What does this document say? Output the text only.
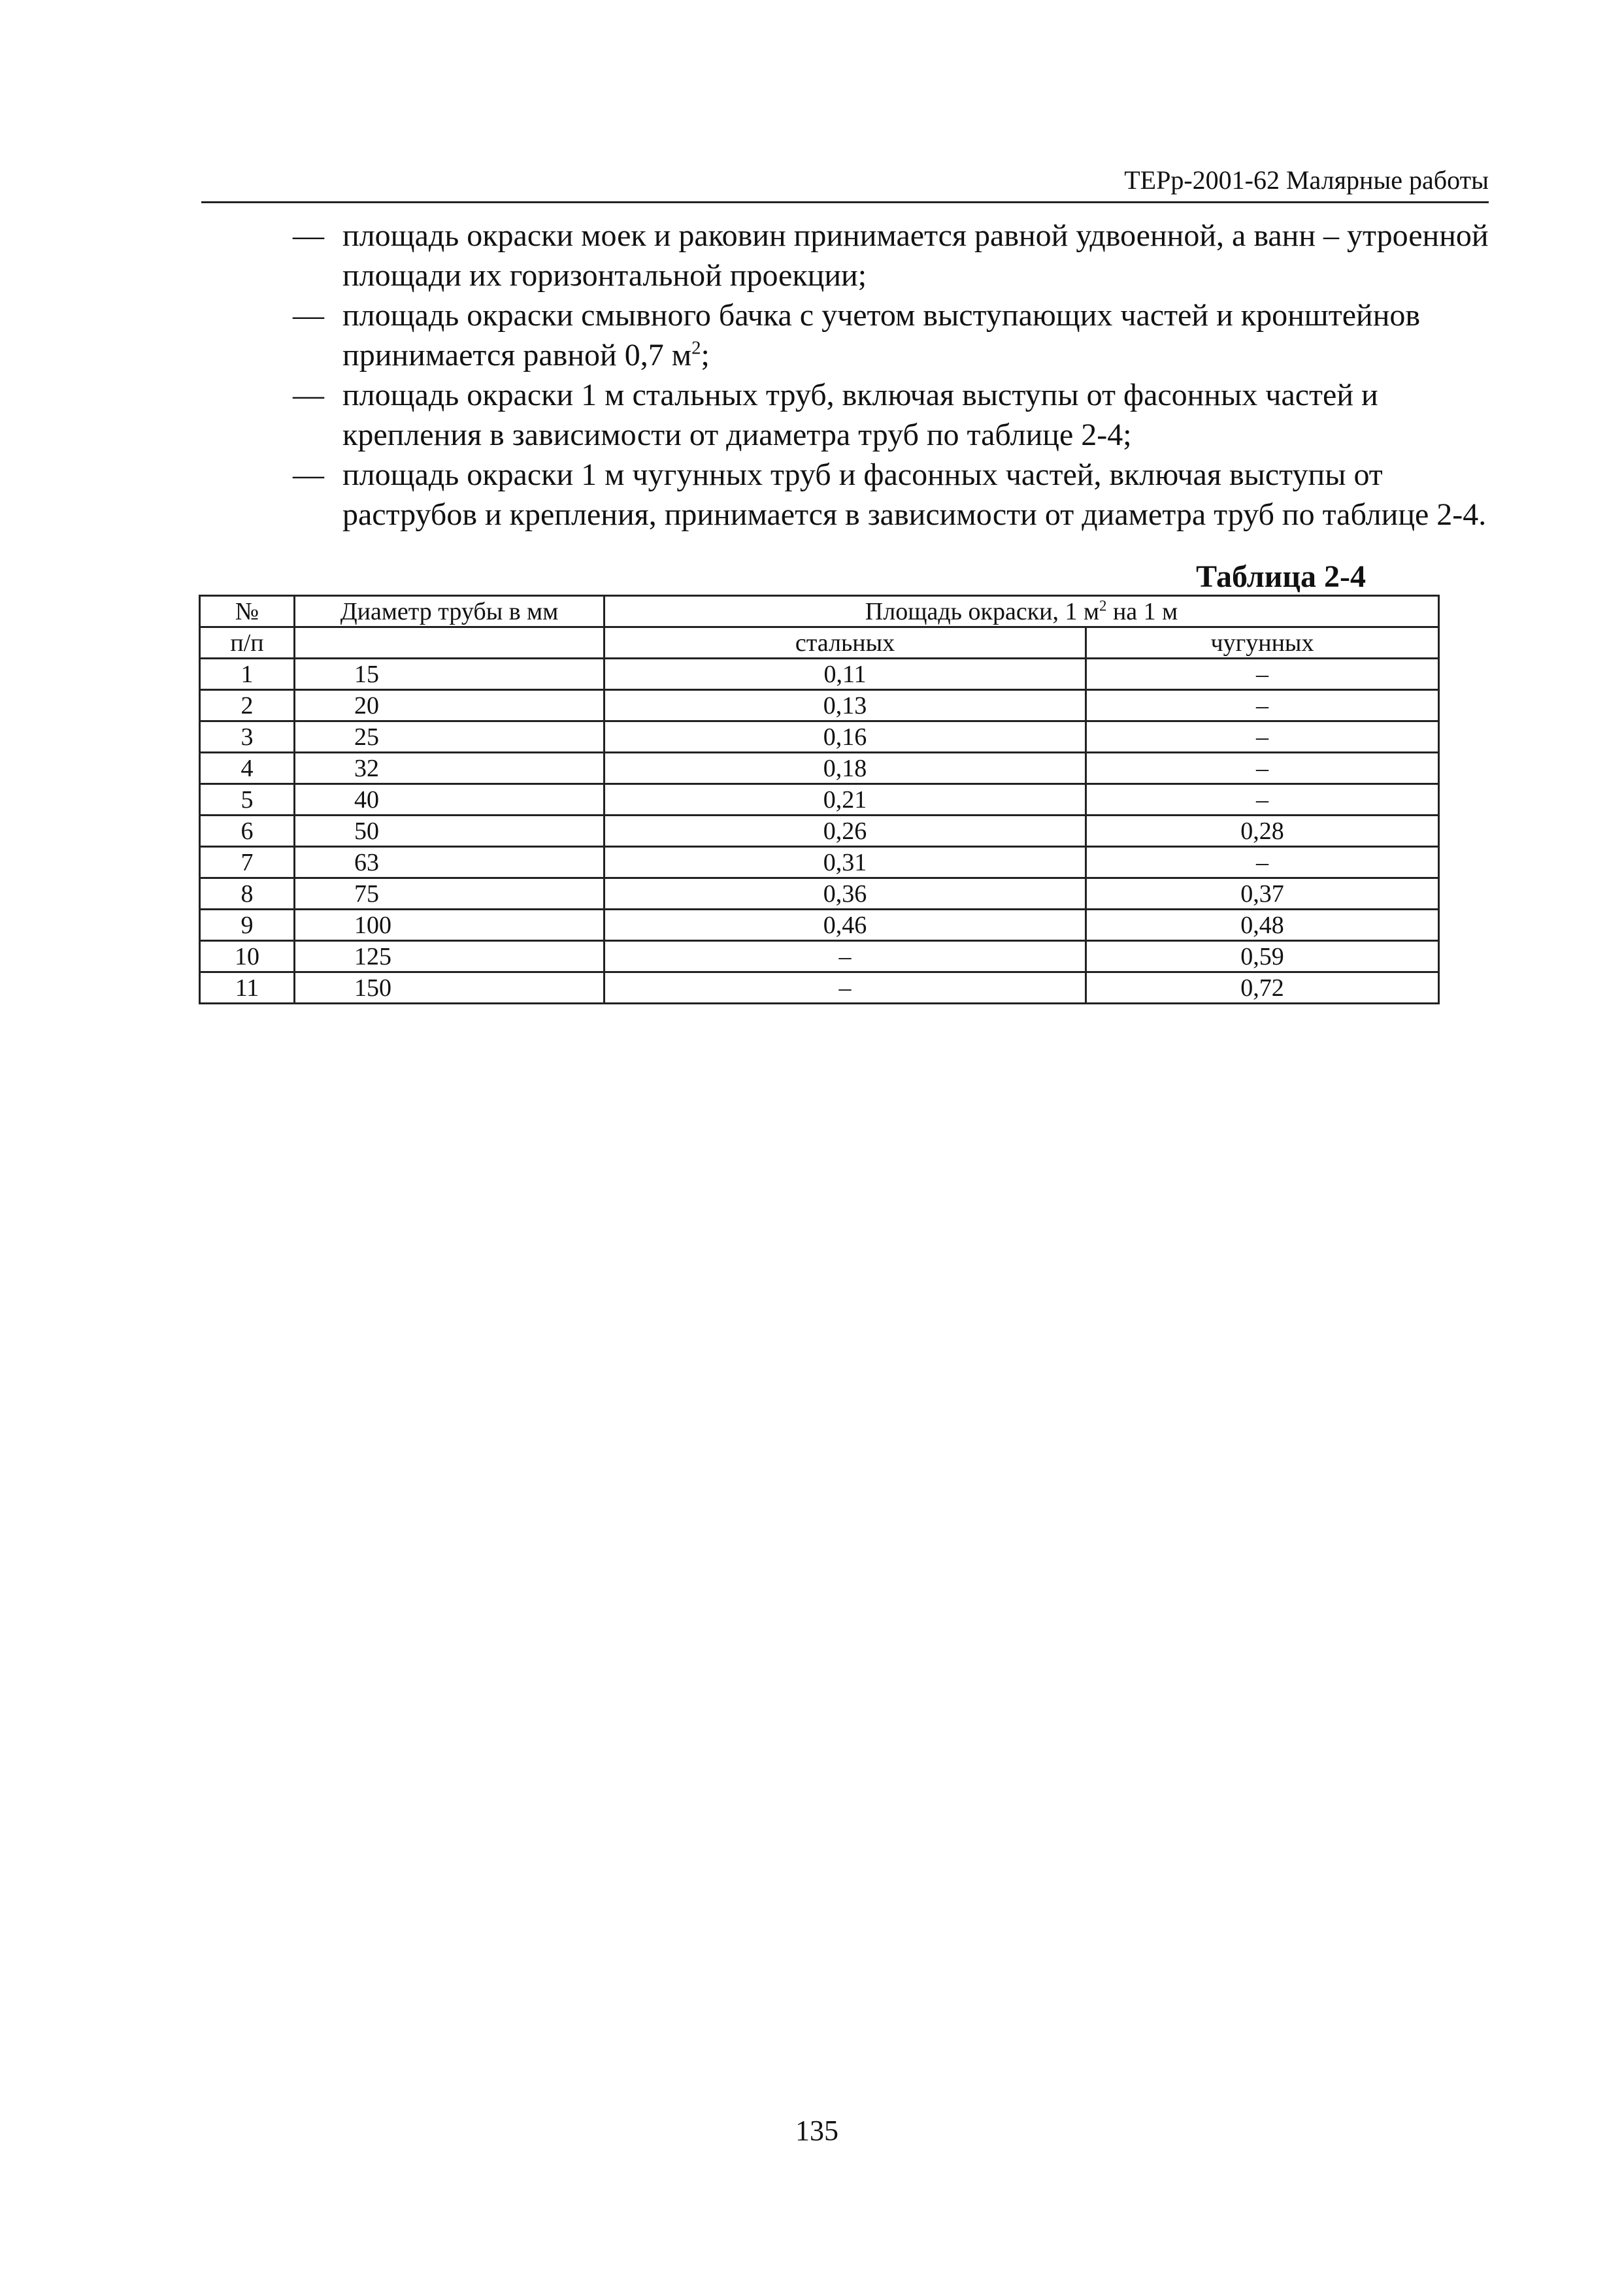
ТЕРр-2001-62 Малярные работы
— площадь окраски моек и раковин принимается равной удвоенной, а ванн – утроенной площади их горизонтальной проекции;
— площадь окраски смывного бачка с учетом выступающих частей и кронштейнов принимается равной 0,7 $м^2$;
— площадь окраски 1 м стальных труб, включая выступы от фасонных частей и крепления в зависимости от диаметра труб по таблице 2-4;
— площадь окраски 1 м чугунных труб и фасонных частей, включая выступы от раструбов и крепления, принимается в зависимости от диаметра труб по таблице 2-4.
Таблица 2-4
№	Диаметр трубы в мм	Площадь окраски, 1 $м^2$ на 1 м	
п/п		стальных	чугунных
1	15	0,11	–
2	20	0,13	–
3	25	0,16	–
4	32	0,18	–
5	40	0,21	–
6	50	0,26	0,28
7	63	0,31	–
8	75	0,36	0,37
9	100	0,46	0,48
10	125	–	0,59
11	150	–	0,72
135
